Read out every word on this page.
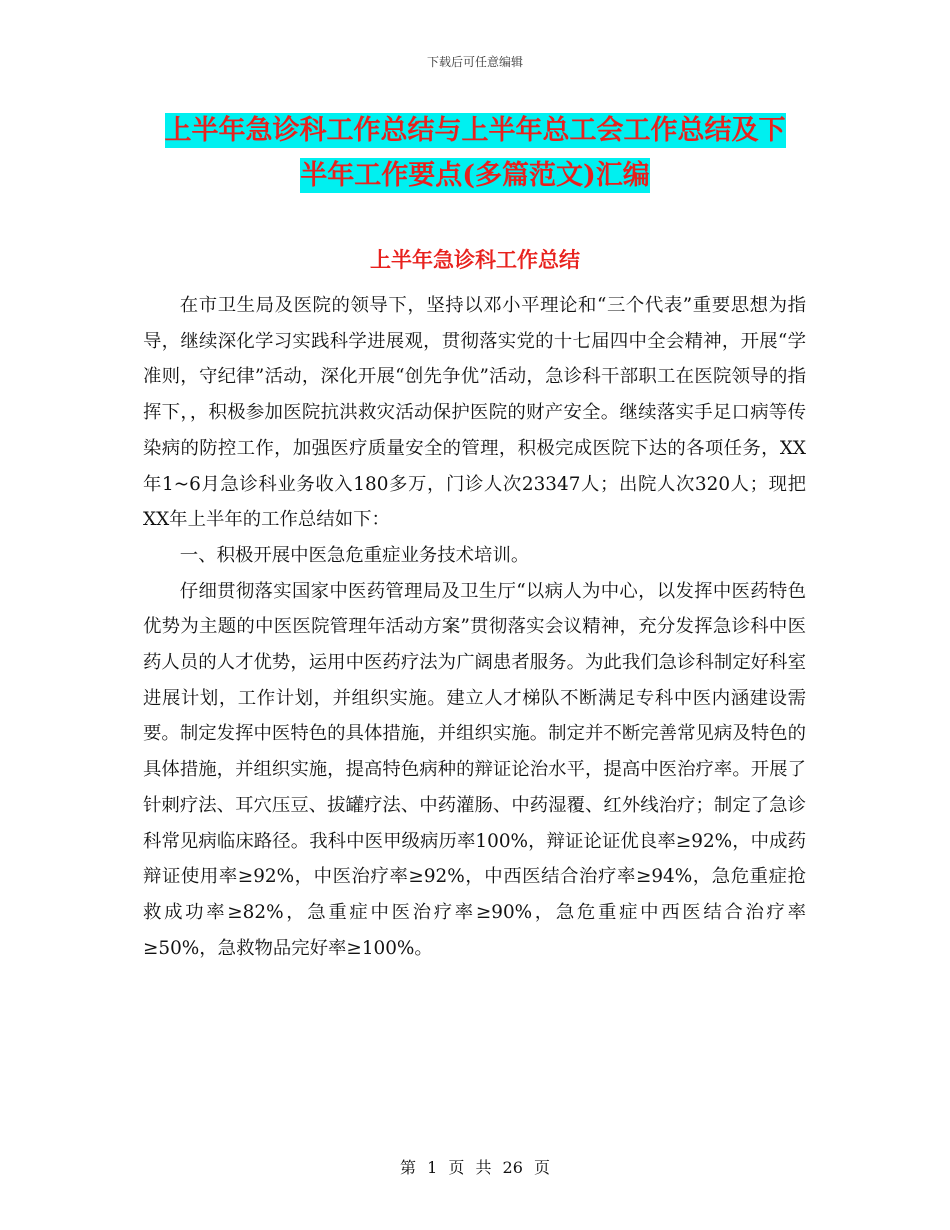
下载后可任意编辑
上半年急诊科工作总结与上半年总工会工作总结及下
半年工作要点(多篇范文)汇编
上半年急诊科工作总结

在市卫生局及医院的领导下，坚持以邓小平理论和“三个代表”重要思想为指导，继续深化学习实践科学进展观，贯彻落实党的十七届四中全会精神，开展“学准则，守纪律”活动，深化开展“创先争优”活动，急诊科干部职工在医院领导的指挥下，，积极参加医院抗洪救灾活动保护医院的财产安全。继续落实手足口病等传染病的防控工作，加强医疗质量安全的管理，积极完成医院下达的各项任务，XX年1~6月急诊科业务收入180多万，门诊人次23347人；出院人次320人；现把XX年上半年的工作总结如下：

一、积极开展中医急危重症业务技术培训。

仔细贯彻落实国家中医药管理局及卫生厅“以病人为中心，以发挥中医药特色优势为主题的中医医院管理年活动方案”贯彻落实会议精神，充分发挥急诊科中医药人员的人才优势，运用中医药疗法为广阔患者服务。为此我们急诊科制定好科室进展计划，工作计划，并组织实施。建立人才梯队不断满足专科中医内涵建设需要。制定发挥中医特色的具体措施，并组织实施。制定并不断完善常见病及特色的具体措施，并组织实施，提高特色病种的辩证论治水平，提高中医治疗率。开展了针刺疗法、耳穴压豆、拔罐疗法、中药灌肠、中药湿覆、红外线治疗；制定了急诊科常见病临床路径。我科中医甲级病历率100%，辩证论证优良率≥92%，中成药辩证使用率≥92%，中医治疗率≥92%，中西医结合治疗率≥94%，急危重症抢救成功率≥82%，急重症中医治疗率≥90%，急危重症中西医结合治疗率≥50%，急救物品完好率≥100%。

第 1 页 共 26 页
